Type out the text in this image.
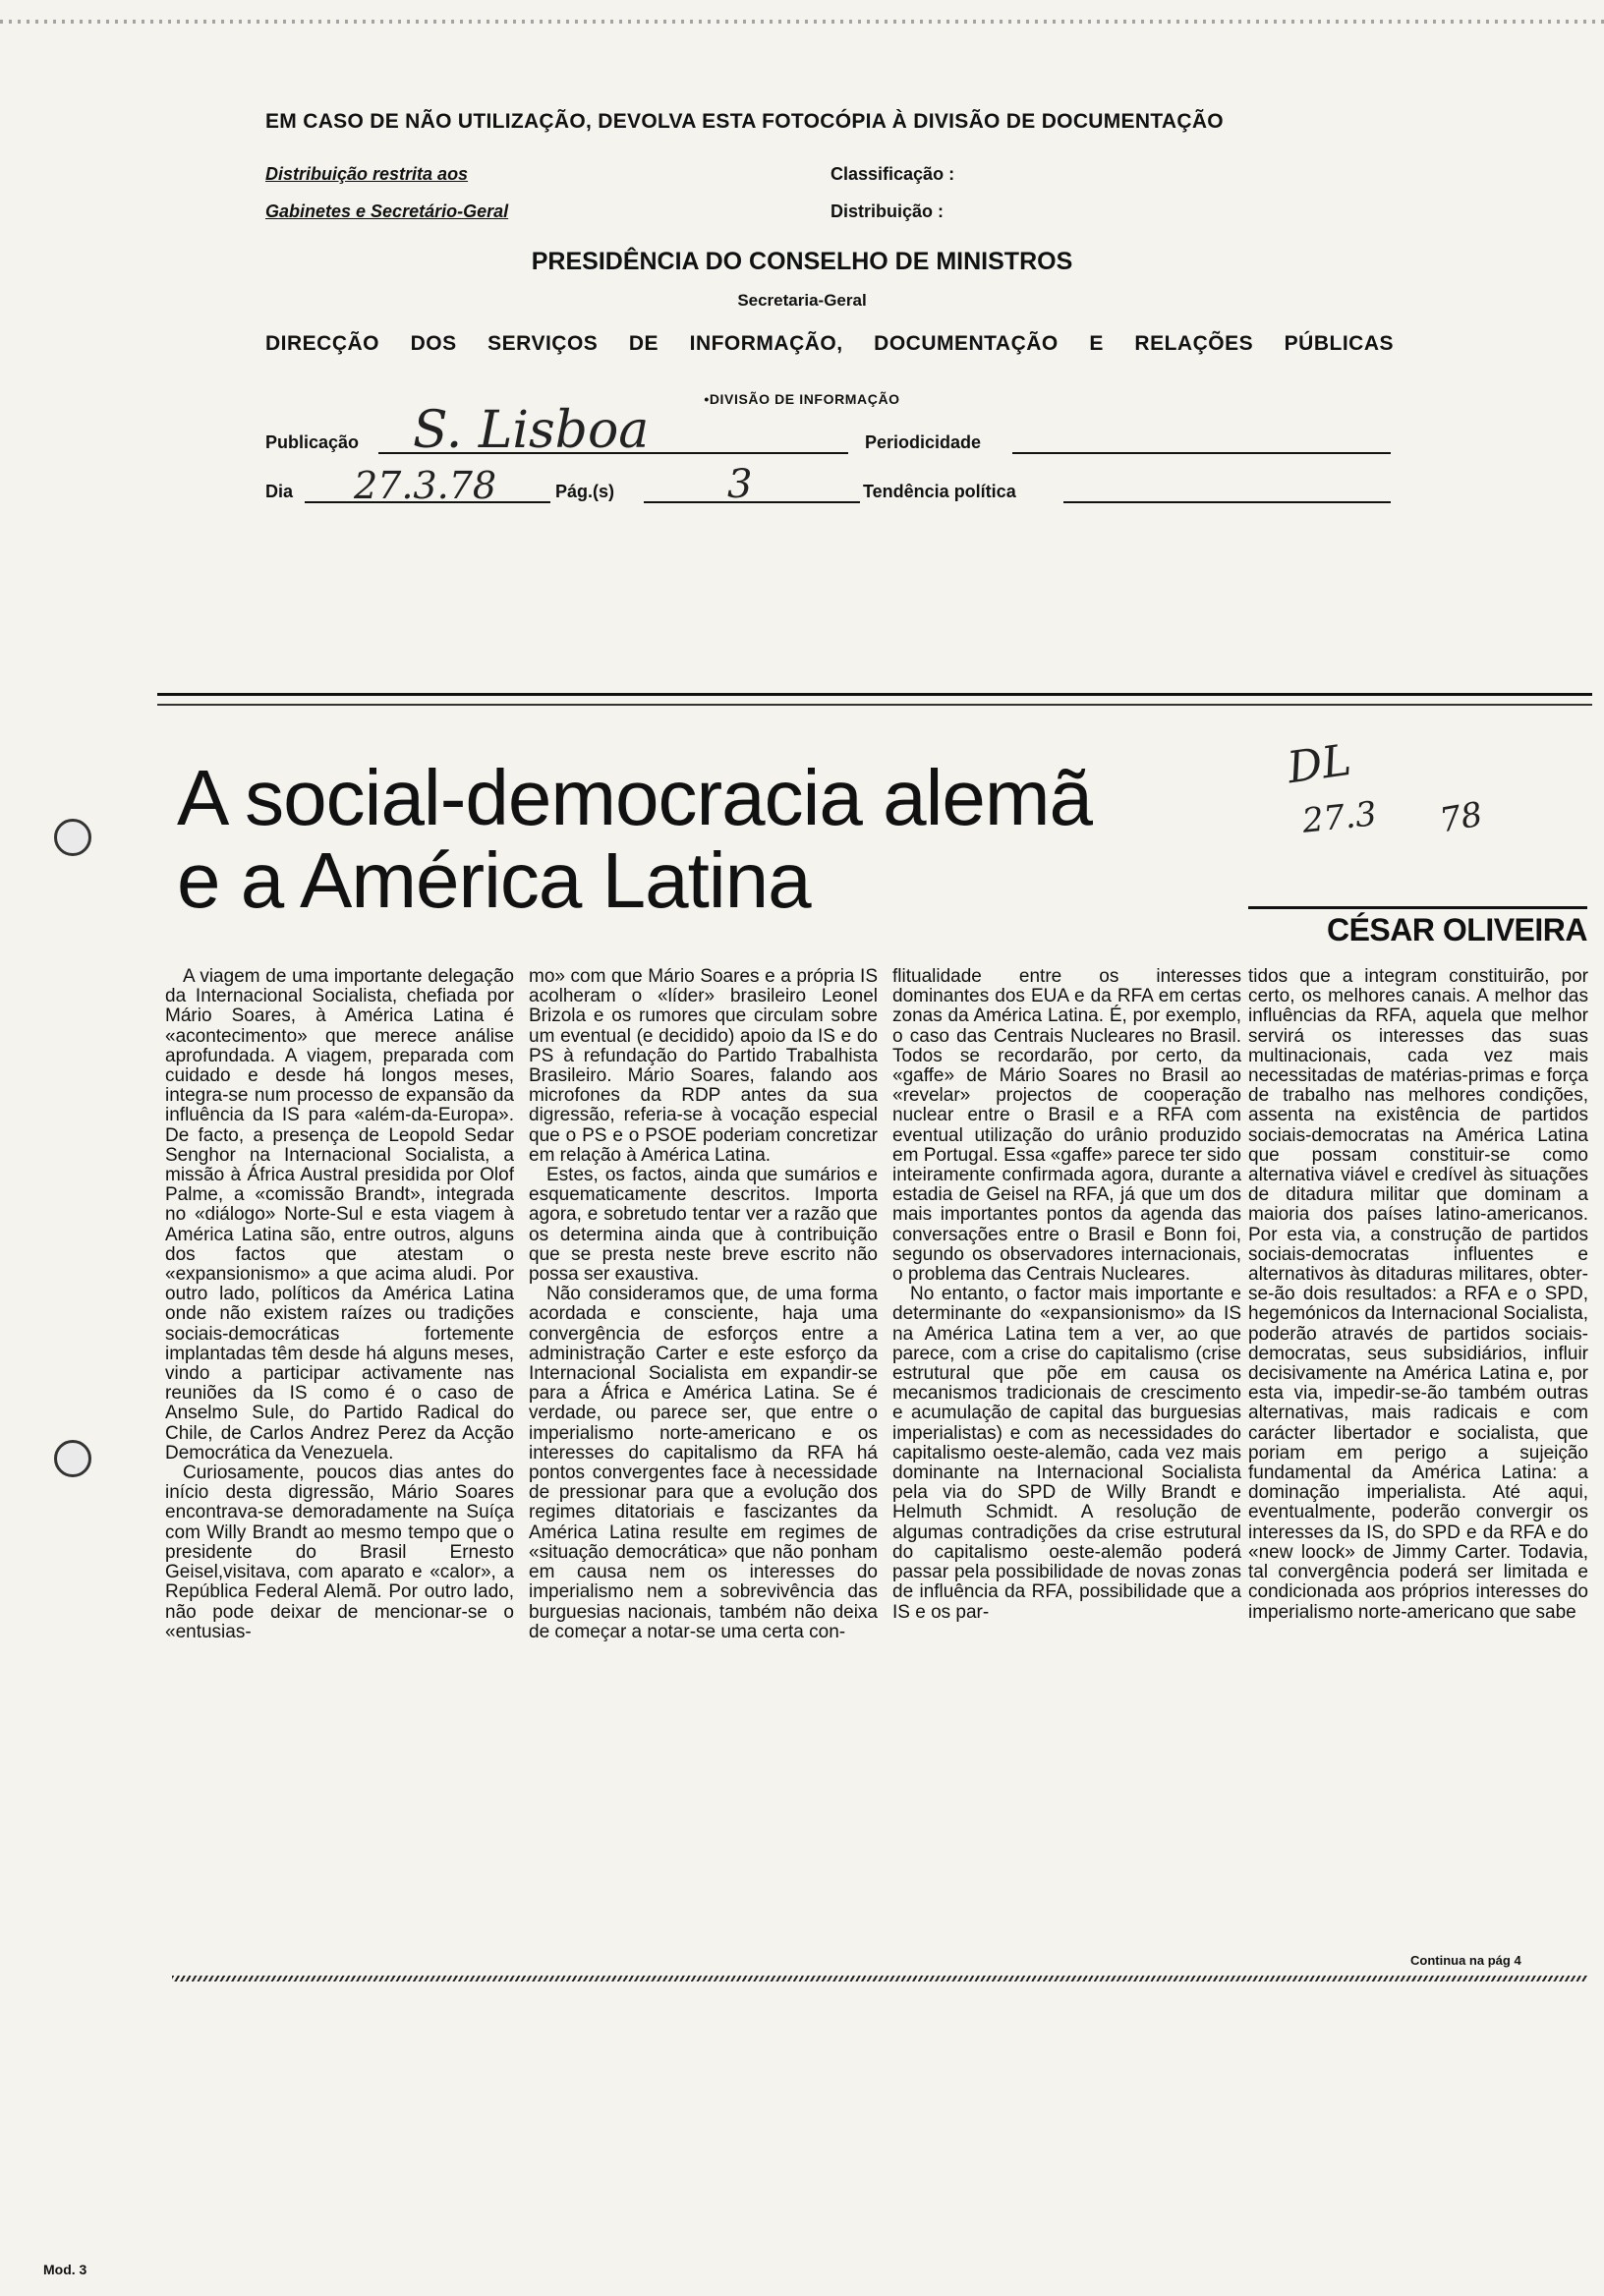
EM CASO DE NÃO UTILIZAÇÃO, DEVOLVA ESTA FOTOCÓPIA À DIVISÃO DE DOCUMENTAÇÃO
Distribuição restrita aos
Gabinetes e Secretário-Geral
Classificação :
Distribuição :
PRESIDÊNCIA DO CONSELHO DE MINISTROS
Secretaria-Geral
DIRECÇÃO DOS SERVIÇOS DE INFORMAÇÃO, DOCUMENTAÇÃO E RELAÇÕES PÚBLICAS
•DIVISÃO DE INFORMAÇÃO
Publicação S. Lisboa	Periodicidade
Dia 27.3.78	Pág.(s)	3	Tendência política
DL
27.3 78
A social-democracia alemã
e a América Latina
CÉSAR OLIVEIRA

A viagem de uma importante delegação da Internacional Socialista, chefiada por Mário Soares, à América Latina é «acontecimento» que merece análise aprofundada. A viagem, preparada com cuidado e desde há longos meses, integra-se num processo de expansão da influência da IS para «além-da-Europa». De facto, a presença de Leopold Sedar Senghor na Internacional Socialista, a missão à África Austral presidida por Olof Palme, a «comissão Brandt», integrada no «diálogo» Norte-Sul e esta viagem à América Latina são, entre outros, alguns dos factos que atestam o «expansionismo» a que acima aludi. Por outro lado, políticos da América Latina onde não existem raízes ou tradições sociais-democráticas fortemente implantadas têm desde há alguns meses, vindo a participar activamente nas reuniões da IS como é o caso de Anselmo Sule, do Partido Radical do Chile, de Carlos Andrez Perez da Acção Democrática da Venezuela.

Curiosamente, poucos dias antes do início desta digressão, Mário Soares encontrava-se demoradamente na Suíça com Willy Brandt ao mesmo tempo que o presidente do Brasil Ernesto Geisel,visitava, com aparato e «calor», a República Federal Alemã. Por outro lado, não pode deixar de mencionar-se o «entusias-

mo» com que Mário Soares e a própria IS acolheram o «líder» brasileiro Leonel Brizola e os rumores que circulam sobre um eventual (e decidido) apoio da IS e do PS à refundação do Partido Trabalhista Brasileiro. Mário Soares, falando aos microfones da RDP antes da sua digressão, referia-se à vocação especial que o PS e o PSOE poderiam concretizar em relação à América Latina.

Estes, os factos, ainda que sumários e esquematicamente descritos. Importa agora, e sobretudo tentar ver a razão que os determina ainda que à contribuição que se presta neste breve escrito não possa ser exaustiva.

Não consideramos que, de uma forma acordada e consciente, haja uma convergência de esforços entre a administração Carter e este esforço da Internacional Socialista em expandir-se para a África e América Latina. Se é verdade, ou parece ser, que entre o imperialismo norte-americano e os interesses do capitalismo da RFA há pontos convergentes face à necessidade de pressionar para que a evolução dos regimes ditatoriais e fascizantes da América Latina resulte em regimes de «situação democrática» que não ponham em causa nem os interesses do imperialismo nem a sobrevivência das burguesias nacionais, também não deixa de começar a notar-se uma certa con-

flitualidade entre os interesses dominantes dos EUA e da RFA em certas zonas da América Latina. É, por exemplo, o caso das Centrais Nucleares no Brasil. Todos se recordarão, por certo, da «gaffe» de Mário Soares no Brasil ao «revelar» projectos de cooperação nuclear entre o Brasil e a RFA com eventual utilização do urânio produzido em Portugal. Essa «gaffe» parece ter sido inteiramente confirmada agora, durante a estadia de Geisel na RFA, já que um dos mais importantes pontos da agenda das conversações entre o Brasil e Bonn foi, segundo os observadores internacionais, o problema das Centrais Nucleares.

No entanto, o factor mais importante e determinante do «expansionismo» da IS na América Latina tem a ver, ao que parece, com a crise do capitalismo (crise estrutural que põe em causa os mecanismos tradicionais de crescimento e acumulação de capital das burguesias imperialistas) e com as necessidades do capitalismo oeste-alemão, cada vez mais dominante na Internacional Socialista pela via do SPD de Willy Brandt e Helmuth Schmidt. A resolução de algumas contradições da crise estrutural do capitalismo oeste-alemão poderá passar pela possibilidade de novas zonas de influência da RFA, possibilidade que a IS e os par-

tidos que a integram constituirão, por certo, os melhores canais. A melhor das influências da RFA, aquela que melhor servirá os interesses das suas multinacionais, cada vez mais necessitadas de matérias-primas e força de trabalho nas melhores condições, assenta na existência de partidos sociais-democratas na América Latina que possam constituir-se como alternativa viável e credível às situações de ditadura militar que dominam a maioria dos países latino-americanos. Por esta via, a construção de partidos sociais-democratas influentes e alternativos às ditaduras militares, obter-se-ão dois resultados: a RFA e o SPD, hegemónicos da Internacional Socialista, poderão através de partidos sociais-democratas, seus subsidiários, influir decisivamente na América Latina e, por esta via, impedir-se-ão também outras alternativas, mais radicais e com carácter libertador e socialista, que poriam em perigo a sujeição fundamental da América Latina: a dominação imperialista. Até aqui, eventualmente, poderão convergir os interesses da IS, do SPD e da RFA e do «new loock» de Jimmy Carter. Todavia, tal convergência poderá ser limitada e condicionada aos próprios interesses do imperialismo norte-americano que sabe

Continua na pág 4
Mod. 3
